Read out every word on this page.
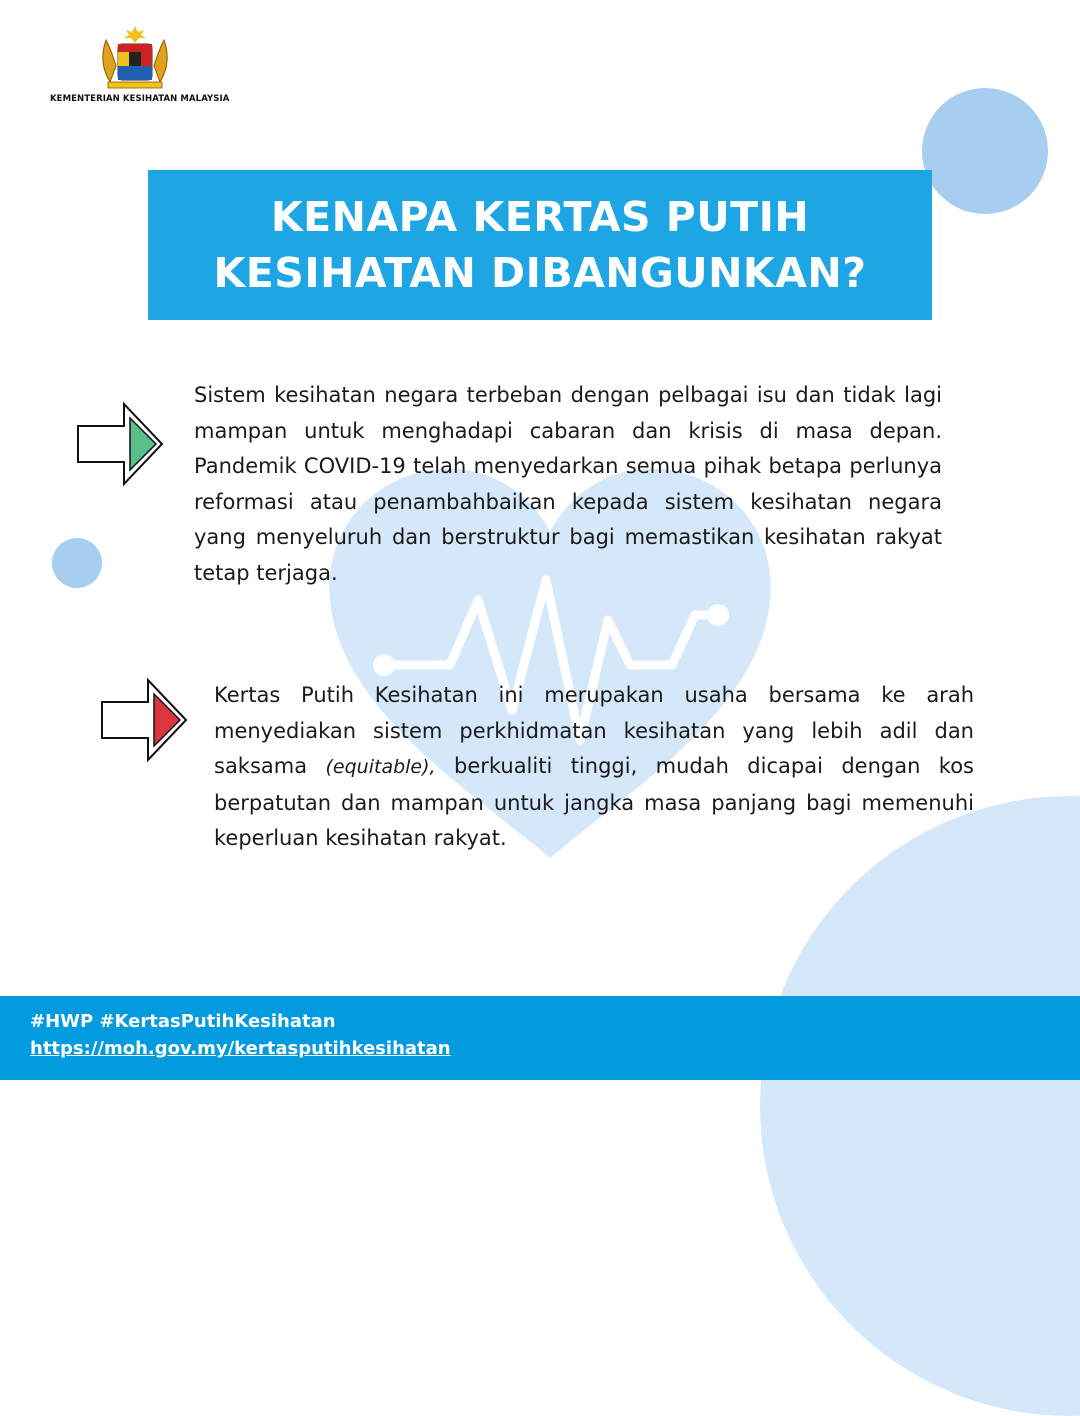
KEMENTERIAN KESIHATAN MALAYSIA
KENAPA KERTAS PUTIH
KESIHATAN DIBANGUNKAN?
Sistem kesihatan negara terbeban dengan pelbagai isu dan tidak lagi mampan untuk menghadapi cabaran dan krisis di masa depan. Pandemik COVID-19 telah menyedarkan semua pihak betapa perlunya reformasi atau penambahbaikan kepada sistem kesihatan negara yang menyeluruh dan berstruktur bagi memastikan kesihatan rakyat tetap terjaga.
Kertas Putih Kesihatan ini merupakan usaha bersama ke arah menyediakan sistem perkhidmatan kesihatan yang lebih adil dan saksama (equitable), berkualiti tinggi, mudah dicapai dengan kos berpatutan dan mampan untuk jangka masa panjang bagi memenuhi keperluan kesihatan rakyat.
#HWP #KertasPutihKesihatan
https://moh.gov.my/kertasputihkesihatan
